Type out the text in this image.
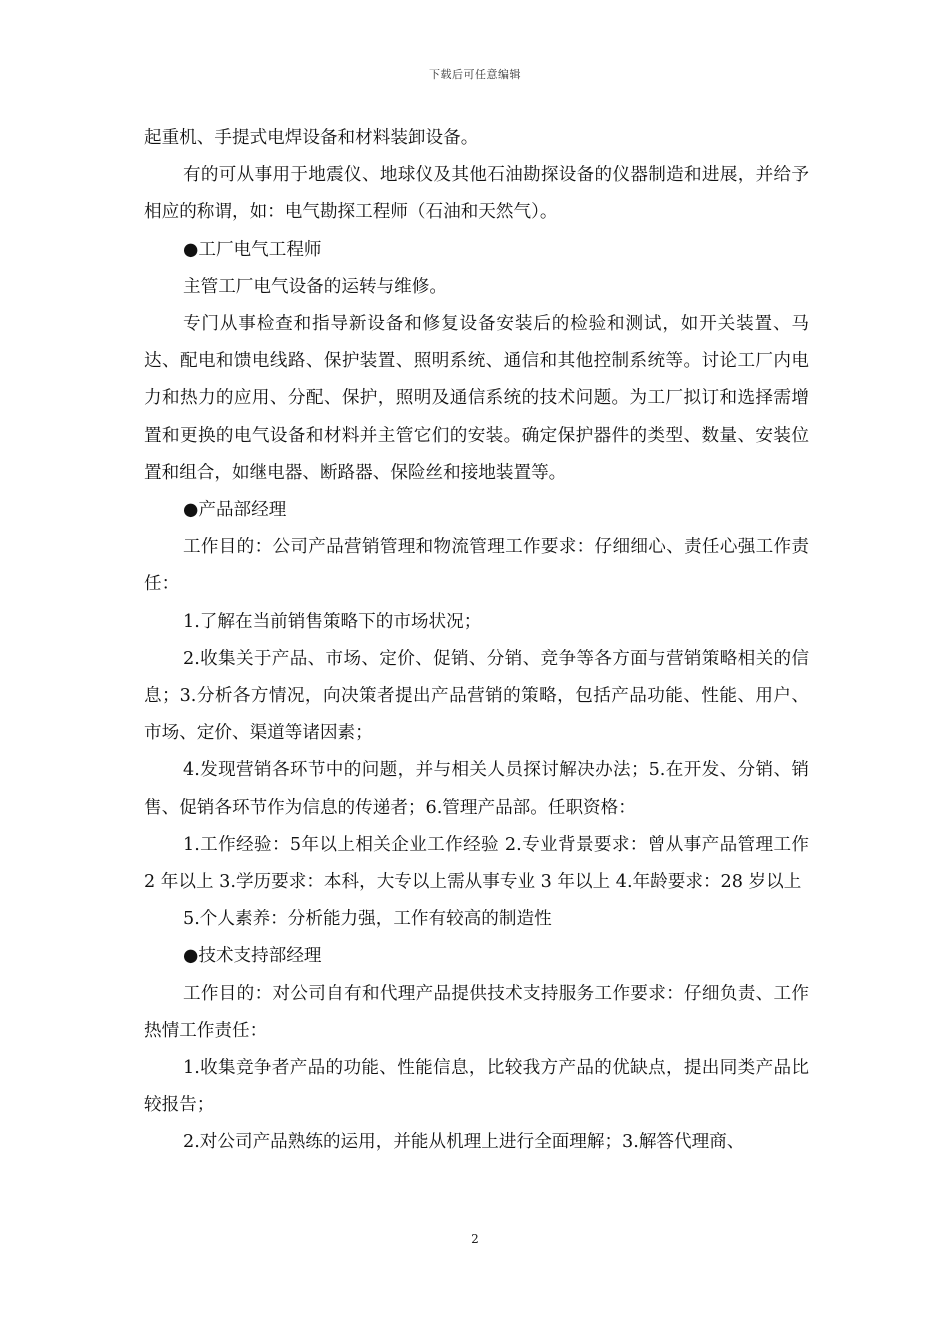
下载后可任意编辑

起重机、手提式电焊设备和材料装卸设备。

有的可从事用于地震仪、地球仪及其他石油勘探设备的仪器制造和进展，并给予相应的称谓，如：电气勘探工程师（石油和天然气）。

●工厂电气工程师

主管工厂电气设备的运转与维修。

专门从事检查和指导新设备和修复设备安装后的检验和测试，如开关装置、马达、配电和馈电线路、保护装置、照明系统、通信和其他控制系统等。讨论工厂内电力和热力的应用、分配、保护，照明及通信系统的技术问题。为工厂拟订和选择需增置和更换的电气设备和材料并主管它们的安装。确定保护器件的类型、数量、安装位置和组合，如继电器、断路器、保险丝和接地装置等。

●产品部经理

工作目的：公司产品营销管理和物流管理工作要求：仔细细心、责任心强工作责任：

1.了解在当前销售策略下的市场状况；

2.收集关于产品、市场、定价、促销、分销、竞争等各方面与营销策略相关的信息；3.分析各方情况，向决策者提出产品营销的策略，包括产品功能、性能、用户、市场、定价、渠道等诸因素；

4.发现营销各环节中的问题，并与相关人员探讨解决办法；5.在开发、分销、销售、促销各环节作为信息的传递者；6.管理产品部。任职资格：

1.工作经验：5年以上相关企业工作经验 2.专业背景要求：曾从事产品管理工作 2 年以上 3.学历要求：本科，大专以上需从事专业 3 年以上 4.年龄要求：28 岁以上

5.个人素养：分析能力强，工作有较高的制造性

●技术支持部经理

工作目的：对公司自有和代理产品提供技术支持服务工作要求：仔细负责、工作热情工作责任：

1.收集竞争者产品的功能、性能信息，比较我方产品的优缺点，提出同类产品比较报告；

2.对公司产品熟练的运用，并能从机理上进行全面理解；3.解答代理商、

2
